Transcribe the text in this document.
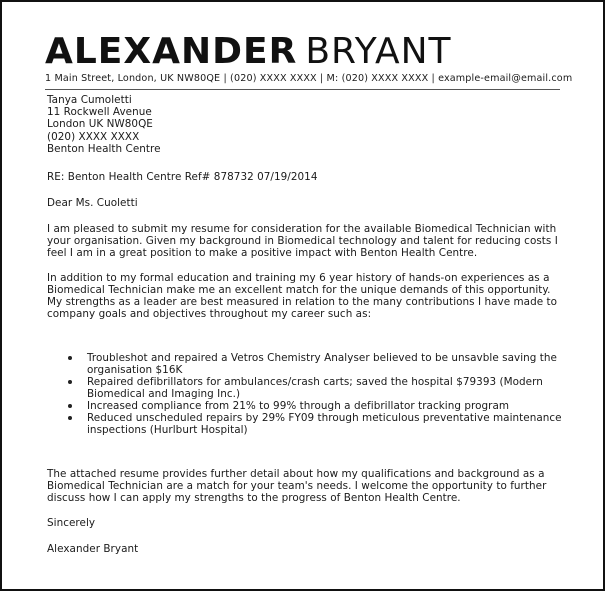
ALEXANDER BRYANT
1 Main Street, London, UK NW80QE | (020) XXXX XXXX | M: (020) XXXX XXXX | example-email@email.com

Tanya Cumoletti

11 Rockwell Avenue

London UK NW80QE

(020) XXXX XXXX

Benton Health Centre

RE: Benton Health Centre Ref# 878732 07/19/2014

Dear Ms. Cuoletti

I am pleased to submit my resume for consideration for the available Biomedical Technician with your organisation. Given my background in Biomedical technology and talent for reducing costs I feel I am in a great position to make a positive impact with Benton Health Centre.

In addition to my formal education and training my 6 year history of hands-on experiences as a Biomedical Technician make me an excellent match for the unique demands of this opportunity. My strengths as a leader are best measured in relation to the many contributions I have made to company goals and objectives throughout my career such as:

Troubleshot and repaired a Vetros Chemistry Analyser believed to be unsavble saving the organisation $16K
Repaired defibrillators for ambulances/crash carts; saved the hospital $79393 (Modern Biomedical and Imaging Inc.)
Increased compliance from 21% to 99% through a defibrillator tracking program
Reduced unscheduled repairs by 29% FY09 through meticulous preventative maintenance inspections (Hurlburt Hospital)

The attached resume provides further detail about how my qualifications and background as a Biomedical Technician are a match for your team's needs. I welcome the opportunity to further discuss how I can apply my strengths to the progress of Benton Health Centre.

Sincerely

Alexander Bryant
